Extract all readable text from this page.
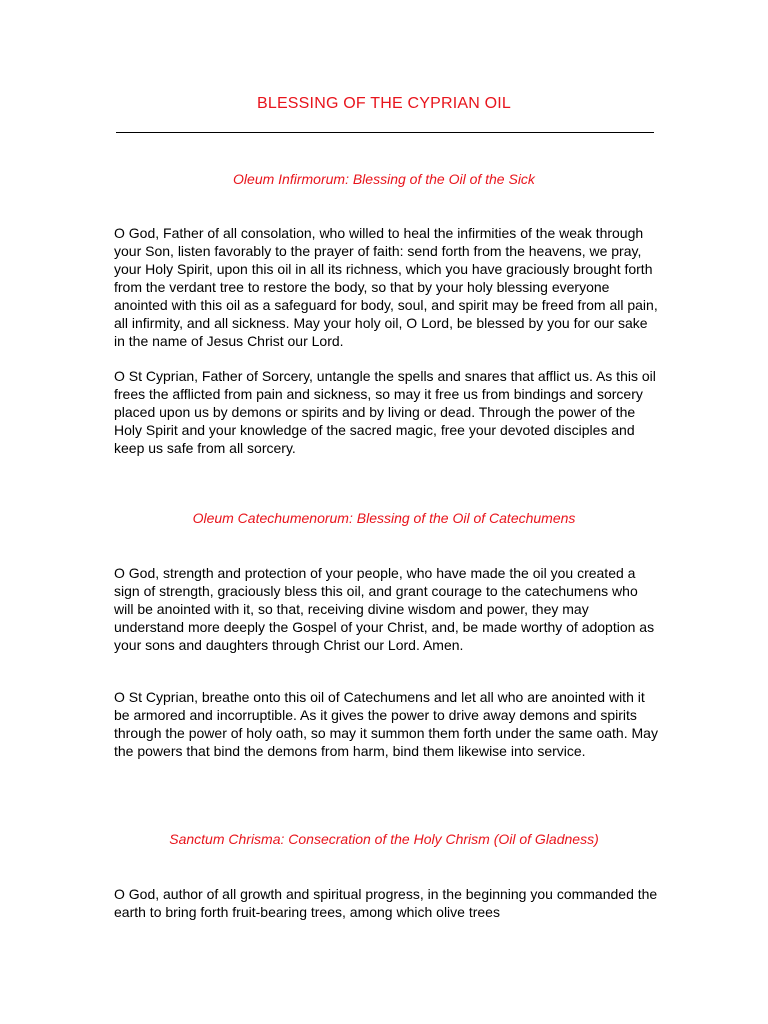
BLESSING OF THE CYPRIAN OIL
Oleum Infirmorum: Blessing of the Oil of the Sick
O God, Father of all consolation, who willed to heal the infirmities of the weak through your Son, listen favorably to the prayer of faith: send forth from the heavens, we pray, your Holy Spirit, upon this oil in all its richness, which you have graciously brought forth from the verdant tree to restore the body, so that by your holy blessing everyone anointed with this oil as a safeguard for body, soul, and spirit may be freed from all pain, all infirmity, and all sickness. May your holy oil, O Lord, be blessed by you for our sake in the name of Jesus Christ our Lord.
O St Cyprian, Father of Sorcery, untangle the spells and snares that afflict us. As this oil frees the afflicted from pain and sickness, so may it free us from bindings and sorcery placed upon us by demons or spirits and by living or dead. Through the power of the Holy Spirit and your knowledge of the sacred magic, free your devoted disciples and keep us safe from all sorcery.
Oleum Catechumenorum: Blessing of the Oil of Catechumens
O God, strength and protection of your people, who have made the oil you created a sign of strength, graciously bless this oil, and grant courage to the catechumens who will be anointed with it, so that, receiving divine wisdom and power, they may understand more deeply the Gospel of your Christ, and, be made worthy of adoption as your sons and daughters through Christ our Lord. Amen.
O St Cyprian, breathe onto this oil of Catechumens and let all who are anointed with it be armored and incorruptible. As it gives the power to drive away demons and spirits through the power of holy oath, so may it summon them forth under the same oath. May the powers that bind the demons from harm, bind them likewise into service.
Sanctum Chrisma: Consecration of the Holy Chrism (Oil of Gladness)
O God, author of all growth and spiritual progress, in the beginning you commanded the earth to bring forth fruit-bearing trees, among which olive trees
